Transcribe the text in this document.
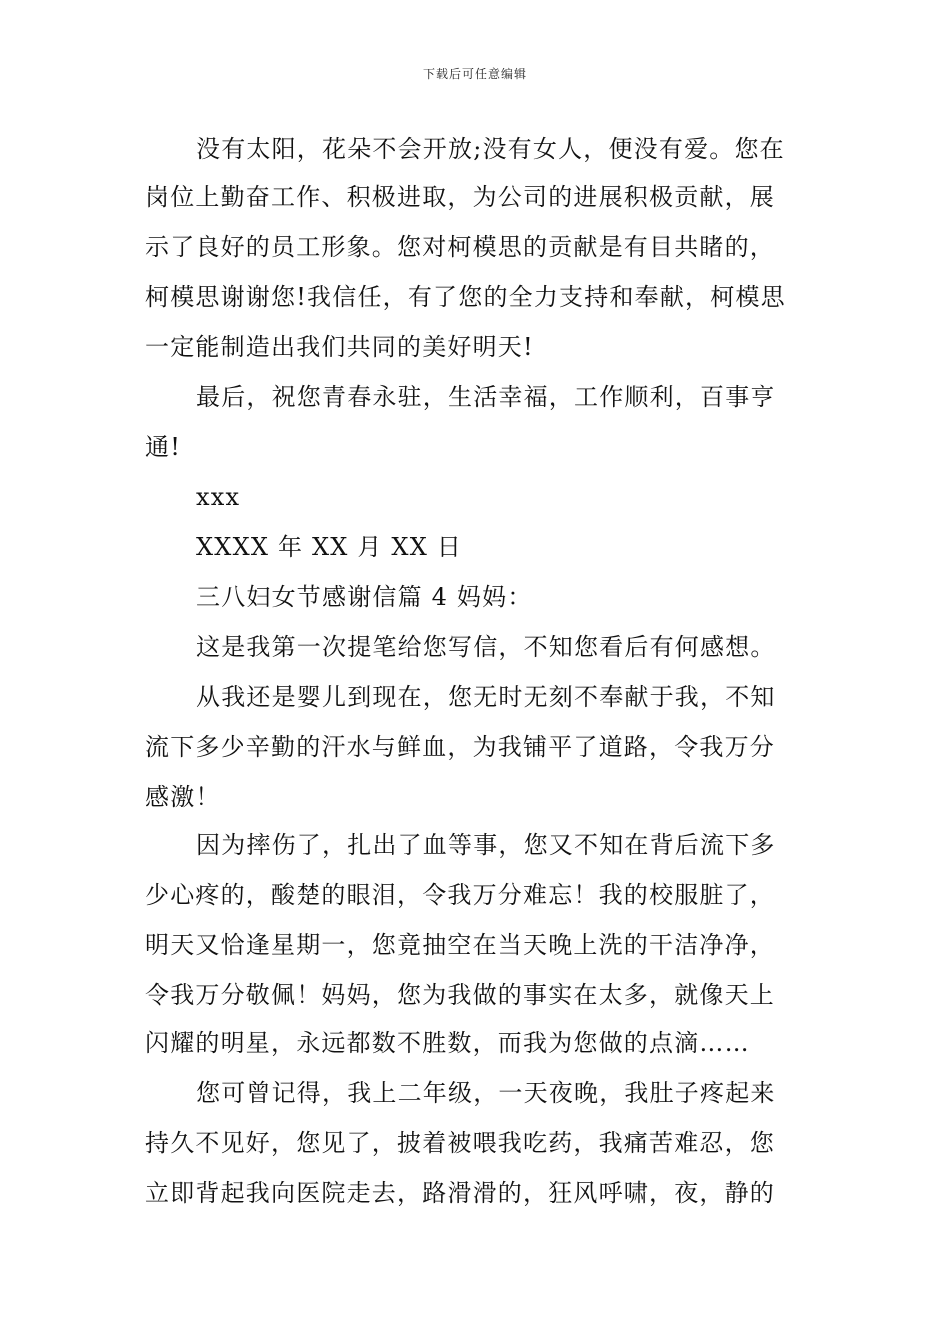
下载后可任意编辑
没有太阳，花朵不会开放;没有女人，便没有爱。您在
岗位上勤奋工作、积极进取，为公司的进展积极贡献，展
示了良好的员工形象。您对柯模思的贡献是有目共睹的，
柯模思谢谢您!我信任，有了您的全力支持和奉献，柯模思
一定能制造出我们共同的美好明天!
最后，祝您青春永驻，生活幸福，工作顺利，百事亨
通!
xxx
XXXX 年 XX 月 XX 日
三八妇女节感谢信篇 4 妈妈：
这是我第一次提笔给您写信，不知您看后有何感想。
从我还是婴儿到现在，您无时无刻不奉献于我，不知
流下多少辛勤的汗水与鲜血，为我铺平了道路，令我万分
感激！
因为摔伤了，扎出了血等事，您又不知在背后流下多
少心疼的，酸楚的眼泪，令我万分难忘！我的校服脏了，
明天又恰逢星期一，您竟抽空在当天晚上洗的干洁净净，
令我万分敬佩！妈妈，您为我做的事实在太多，就像天上
闪耀的明星，永远都数不胜数，而我为您做的点滴……
您可曾记得，我上二年级，一天夜晚，我肚子疼起来
持久不见好，您见了，披着被喂我吃药，我痛苦难忍，您
立即背起我向医院走去，路滑滑的，狂风呼啸，夜，静的
